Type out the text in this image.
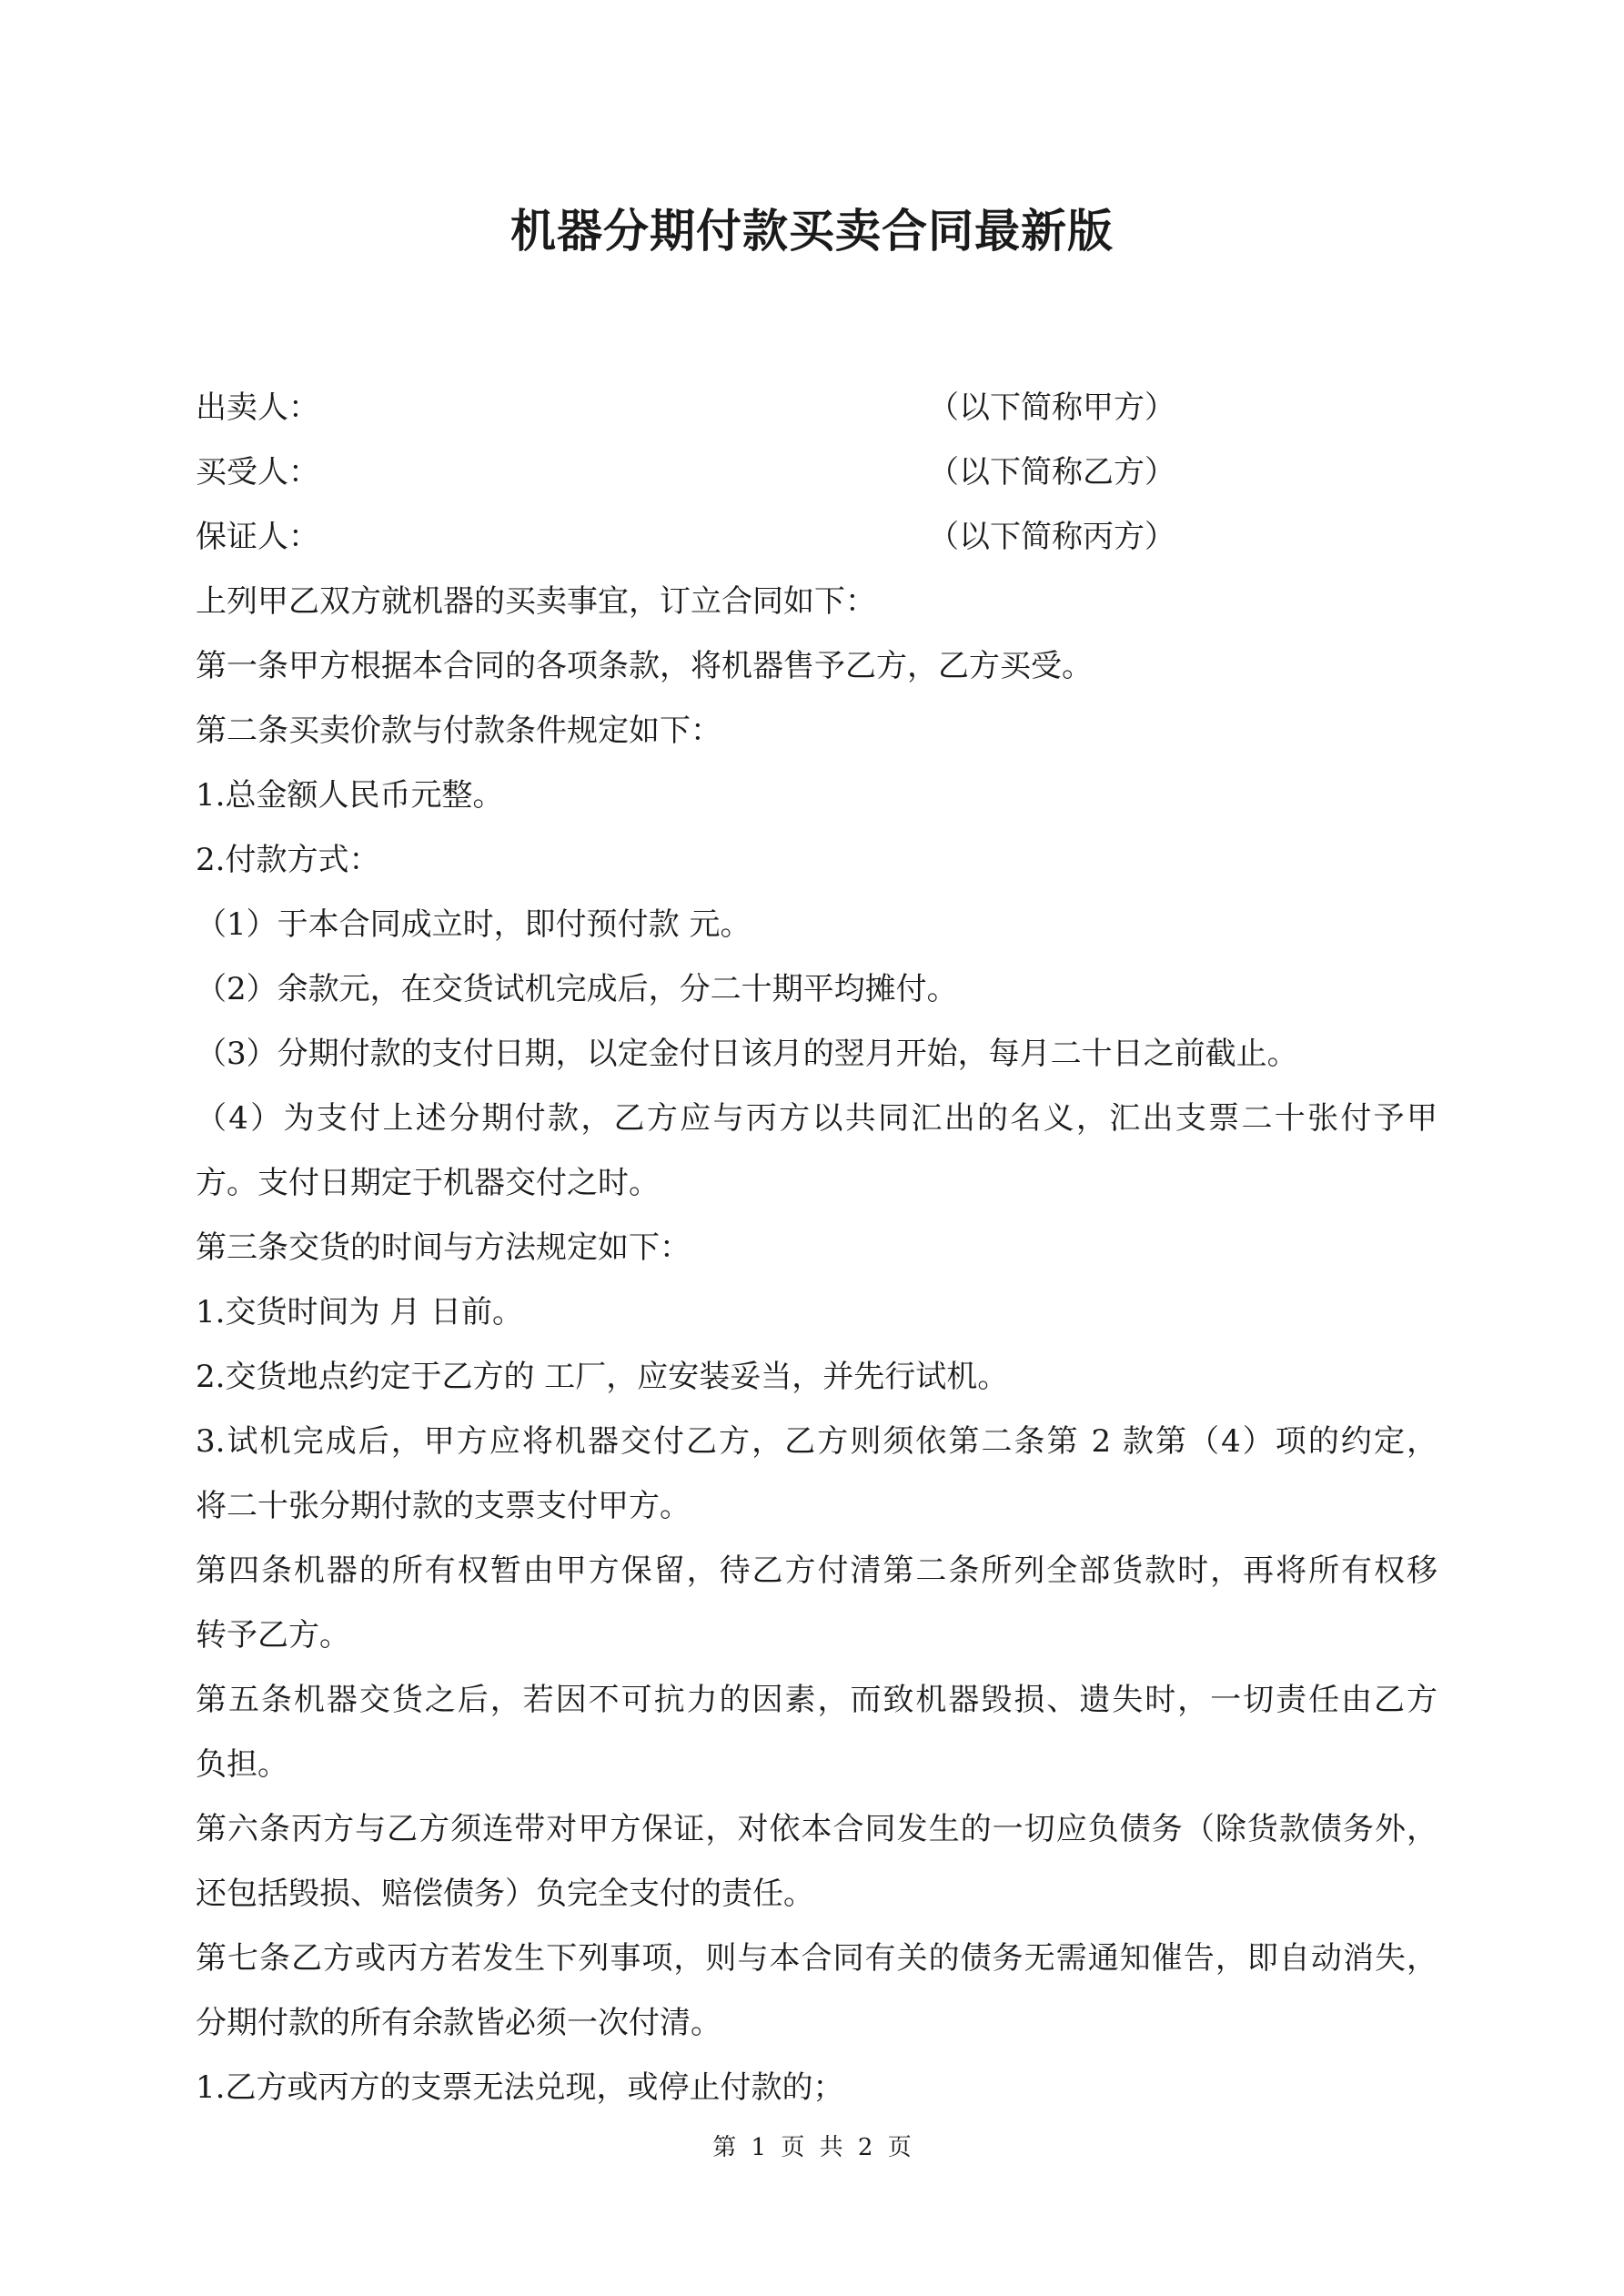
机器分期付款买卖合同最新版
出卖人：	（以下简称甲方）
买受人：	（以下简称乙方）
保证人：	（以下简称丙方）
上列甲乙双方就机器的买卖事宜，订立合同如下：
第一条甲方根据本合同的各项条款，将机器售予乙方，乙方买受。
第二条买卖价款与付款条件规定如下：
1.总金额人民币元整。
2.付款方式：
（1）于本合同成立时，即付预付款 元。
（2）余款元，在交货试机完成后，分二十期平均摊付。
（3）分期付款的支付日期，以定金付日该月的翌月开始，每月二十日之前截止。
（4）为支付上述分期付款，乙方应与丙方以共同汇出的名义，汇出支票二十张付予甲
方。支付日期定于机器交付之时。
第三条交货的时间与方法规定如下：
1.交货时间为 月 日前。
2.交货地点约定于乙方的 工厂，应安装妥当，并先行试机。
3.试机完成后，甲方应将机器交付乙方，乙方则须依第二条第 2 款第（4）项的约定，
将二十张分期付款的支票支付甲方。
第四条机器的所有权暂由甲方保留，待乙方付清第二条所列全部货款时，再将所有权移
转予乙方。
第五条机器交货之后，若因不可抗力的因素，而致机器毁损、遗失时，一切责任由乙方
负担。
第六条丙方与乙方须连带对甲方保证，对依本合同发生的一切应负债务（除货款债务外，
还包括毁损、赔偿债务）负完全支付的责任。
第七条乙方或丙方若发生下列事项，则与本合同有关的债务无需通知催告，即自动消失，
分期付款的所有余款皆必须一次付清。
1.乙方或丙方的支票无法兑现，或停止付款的；
第 1 页 共 2 页
